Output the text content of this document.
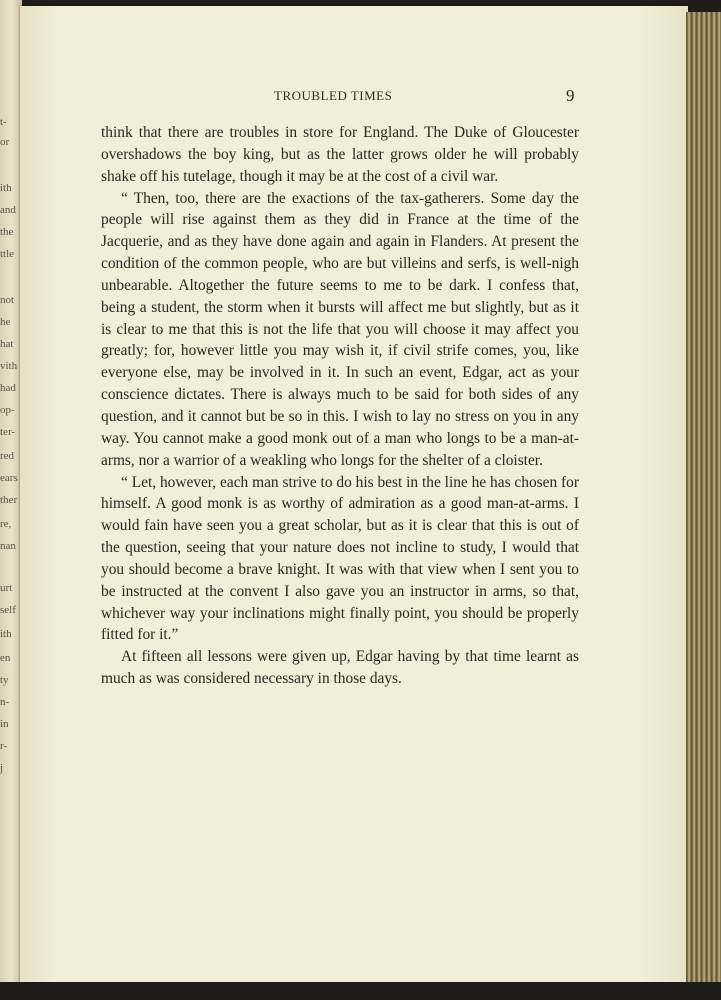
t-
or
ith
and
the
ttle
not
he
hat
vith
had
op-
ter-
red
ears
ther
re,
nan
urt
self
ith
en
ty
n-
in
r-
j
TROUBLED TIMES	9

think that there are troubles in store for England. The Duke of Gloucester overshadows the boy king, but as the latter grows older he will probably shake off his tutelage, though it may be at the cost of a civil war.

“ Then, too, there are the exactions of the tax-gatherers. Some day the people will rise against them as they did in France at the time of the Jacquerie, and as they have done again and again in Flanders. At present the condition of the common people, who are but villeins and serfs, is well-nigh unbearable. Altogether the future seems to me to be dark. I confess that, being a student, the storm when it bursts will affect me but slightly, but as it is clear to me that this is not the life that you will choose it may affect you greatly; for, however little you may wish it, if civil strife comes, you, like everyone else, may be involved in it. In such an event, Edgar, act as your conscience dictates. There is always much to be said for both sides of any question, and it cannot but be so in this. I wish to lay no stress on you in any way. You cannot make a good monk out of a man who longs to be a man-at-arms, nor a warrior of a weakling who longs for the shelter of a cloister.

“ Let, however, each man strive to do his best in the line he has chosen for himself. A good monk is as worthy of admiration as a good man-at-arms. I would fain have seen you a great scholar, but as it is clear that this is out of the question, seeing that your nature does not incline to study, I would that you should become a brave knight. It was with that view when I sent you to be instructed at the convent I also gave you an instructor in arms, so that, whichever way your inclinations might finally point, you should be properly fitted for it.”

At fifteen all lessons were given up, Edgar having by that time learnt as much as was considered necessary in those days.
